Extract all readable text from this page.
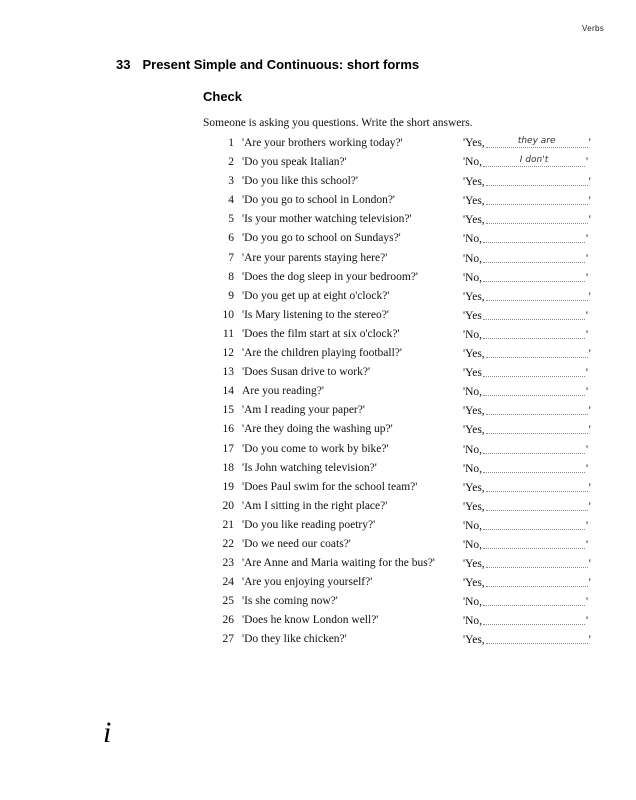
Verbs
33 Present Simple and Continuous: short forms
Check
Someone is asking you questions. Write the short answers.
1 'Are your brothers working today?'	'Yes,	$^{they are}$	'
2 'Do you speak Italian?'	'No,	$^{I don't}$	'
3 'Do you like this school?'	'Yes,	'
4 'Do you go to school in London?'	'Yes,	'
5 'Is your mother watching television?'	'Yes,	'
6 'Do you go to school on Sundays?'	'No,	'
7 'Are your parents staying here?'	'No,	'
8 'Does the dog sleep in your bedroom?'	'No,	'
9 'Do you get up at eight o'clock?'	'Yes,	'
10 'Is Mary listening to the stereo?'	'Yes	'
11 'Does the film start at six o'clock?'	'No,	'
12 'Are the children playing football?'	'Yes,	'
13 'Does Susan drive to work?'	'Yes	'
14 Are you reading?'	'No,	'
15 'Am I reading your paper?'	'Yes,	'
16 'Are they doing the washing up?'	'Yes,	'
17 'Do you come to work by bike?'	'No,	'
18 'Is John watching television?'	'No,	'
19 'Does Paul swim for the school team?'	'Yes,	'
20 'Am I sitting in the right place?'	'Yes,	'
21 'Do you like reading poetry?'	'No,	'
22 'Do we need our coats?'	'No,	'
23 'Are Anne and Maria waiting for the bus?' 'Yes,	'
24 'Are you enjoying yourself?'	'Yes,	'
25 'Is she coming now?'	'No,	'
26 'Does he know London well?'	'No,	'
27 'Do they like chicken?'	'Yes,	'
i
